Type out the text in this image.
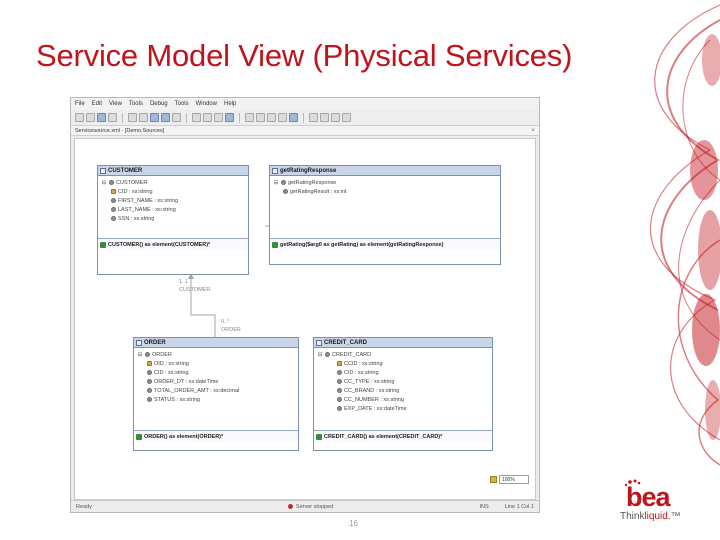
Service Model View (Physical Services)
File Edit View Tools Debug Tools Window Help
Servicesource.xml - [Demo.Sources]	×
1..1
CUSTOMER
0..*
ORDER
CUSTOMER
⊟ CUSTOMER
CID : xs:string
FIRST_NAME : xs:string
LAST_NAME : xs:string
SSN : xs:string
CUSTOMER() as element(CUSTOMER)*
getRatingResponse
⊟ getRatingResponse
getRatingResult : xs:int
getRating($arg0 as getRating) as element(getRatingResponse)
ORDER
⊟ ORDER
OID : xs:string
CID : xs:string
ORDER_DT : xs:dateTime
TOTAL_ORDER_AMT : xs:decimal
STATUS : xs:string
ORDER() as element(ORDER)*
CREDIT_CARD
⊟ CREDIT_CARD
CCID : xs:string
CID : xs:string
CC_TYPE : xs:string
CC_BRAND : xs:string
CC_NUMBER : xs:string
EXP_DATE : xs:dateTime
CREDIT_CARD() as element(CREDIT_CARD)*
100%
Ready	Server stopped	INS	Line 1 Col 1
16
bea
Thinkliquid.™
